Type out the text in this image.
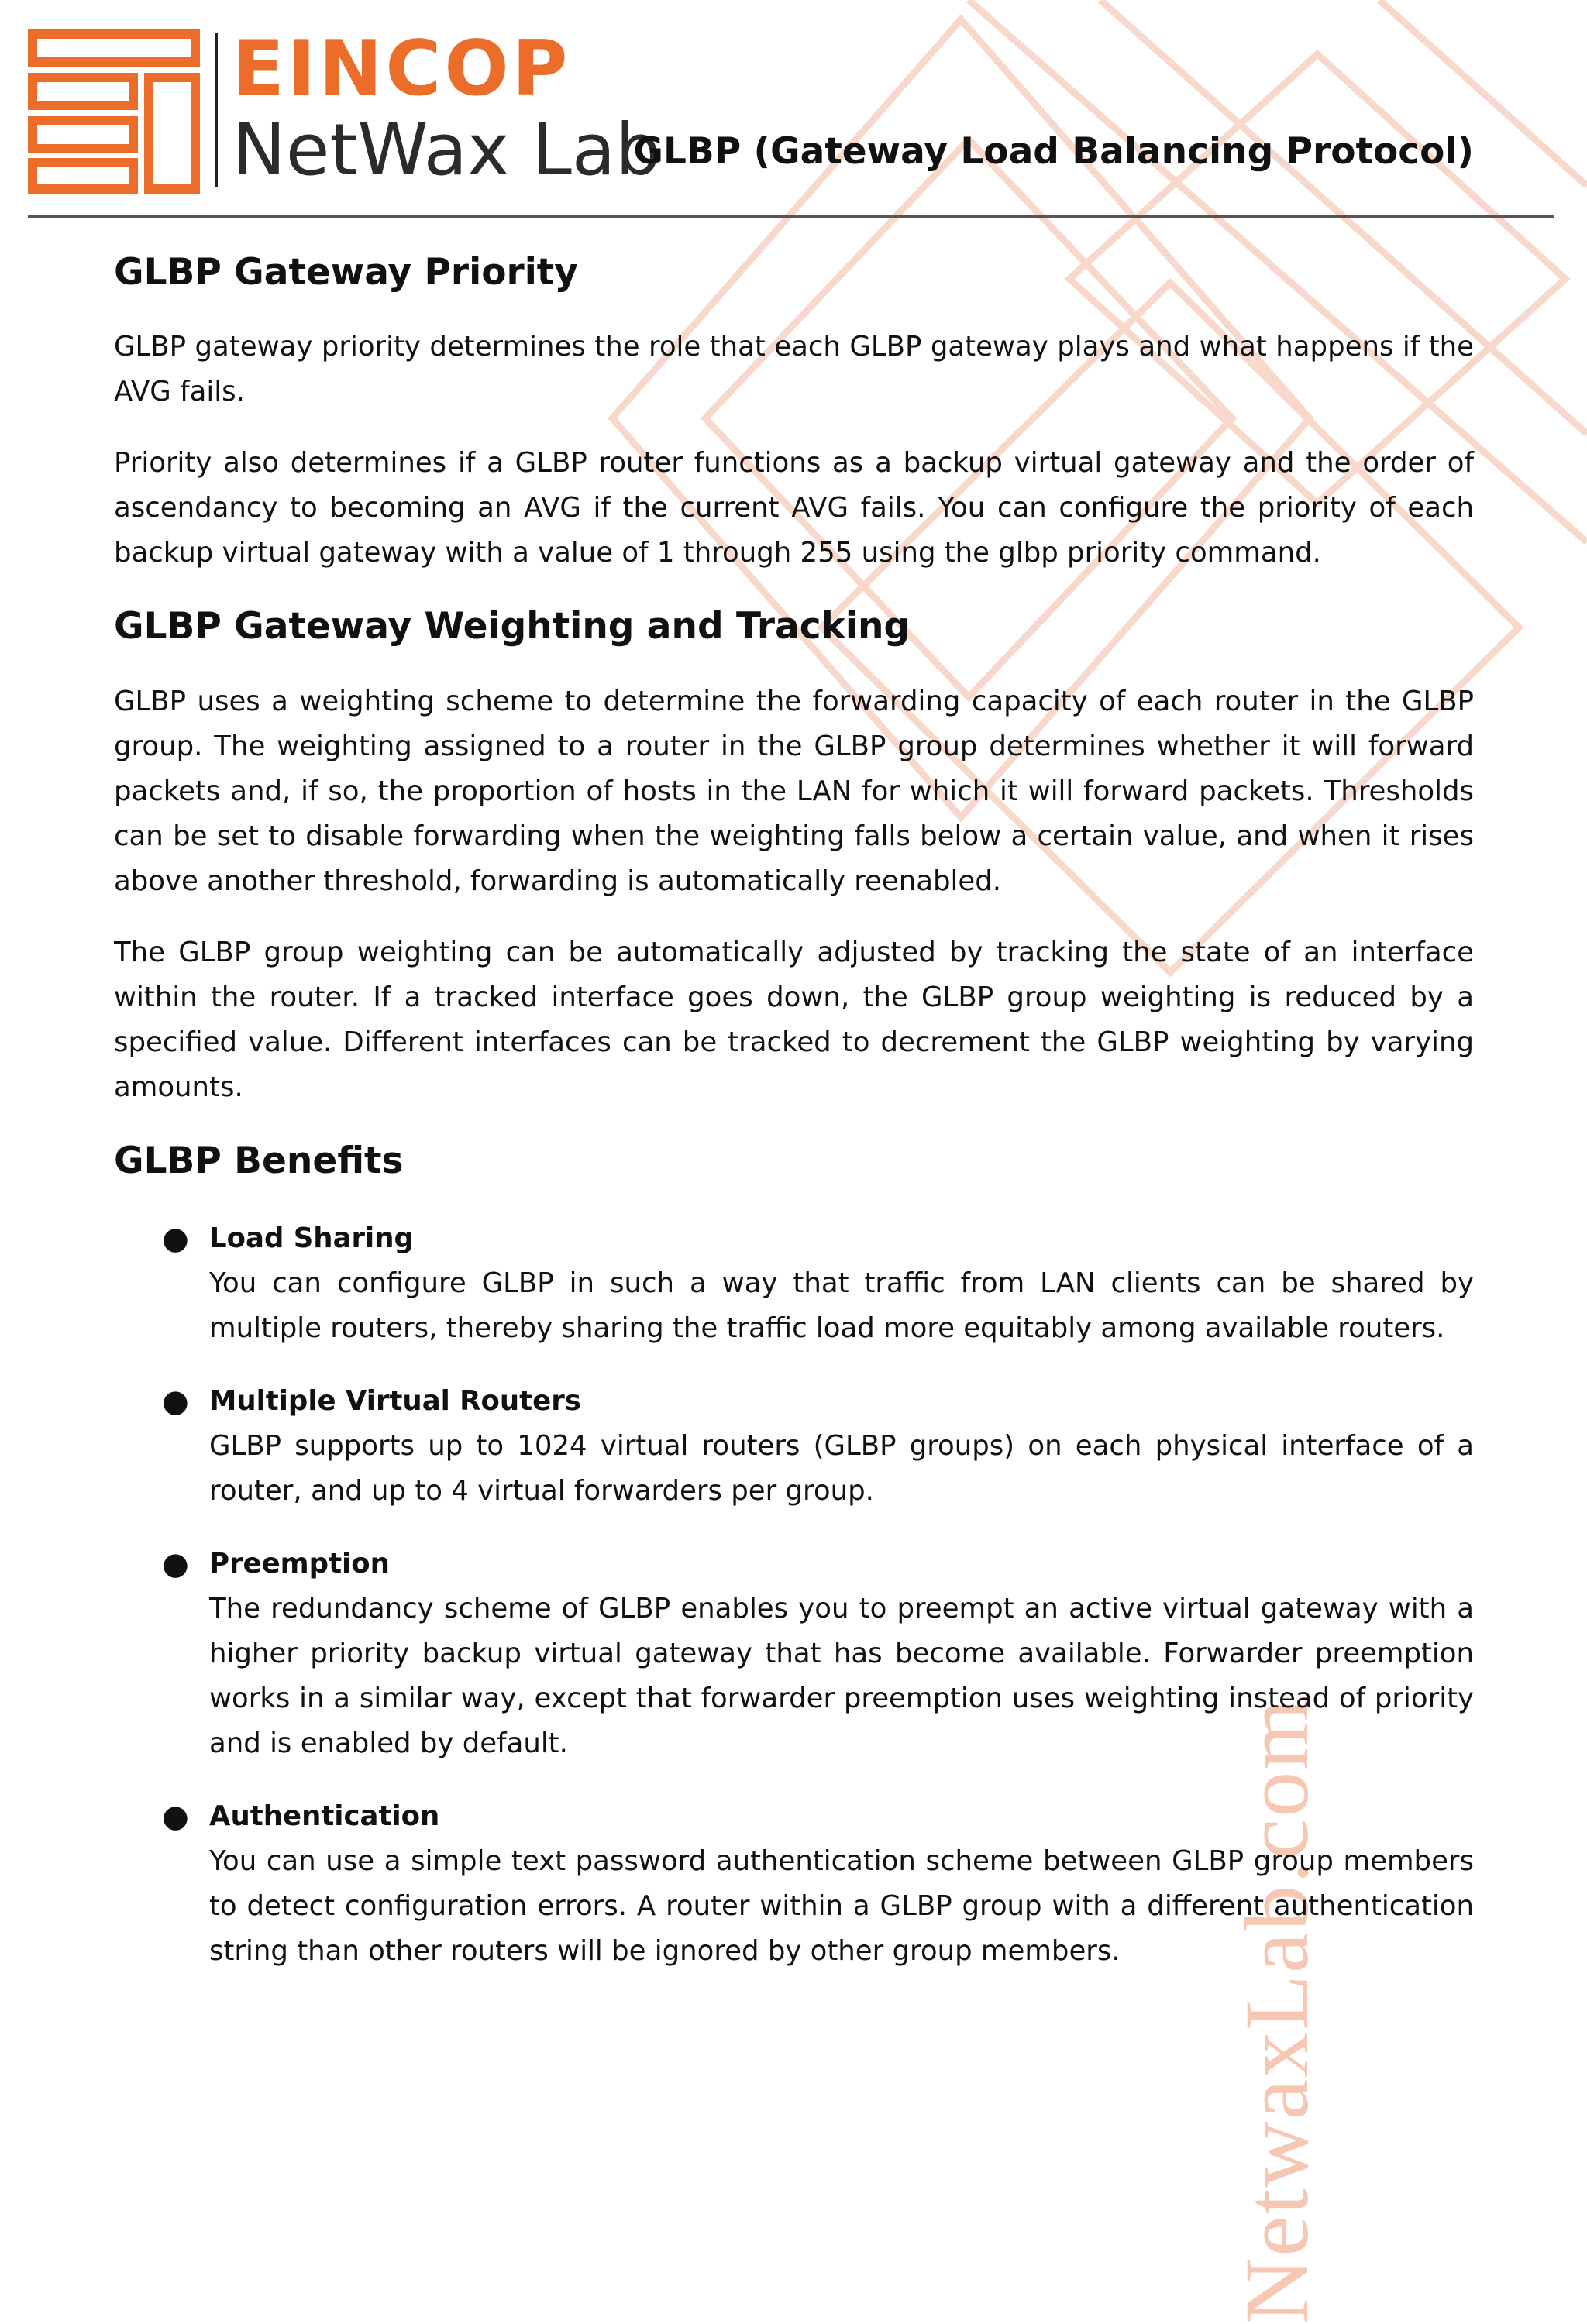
NetwaxLab.com
EINCOP
NetWax Lab
GLBP (Gateway Load Balancing Protocol)
GLBP Gateway Priority

GLBP gateway priority determines the role that each GLBP gateway plays and what happens if the AVG fails.

Priority also determines if a GLBP router functions as a backup virtual gateway and the order of ascendancy to becoming an AVG if the current AVG fails. You can configure the priority of each backup virtual gateway with a value of 1 through 255 using the glbp priority command.

GLBP Gateway Weighting and Tracking

GLBP uses a weighting scheme to determine the forwarding capacity of each router in the GLBP group. The weighting assigned to a router in the GLBP group determines whether it will forward packets and, if so, the proportion of hosts in the LAN for which it will forward packets. Thresholds can be set to disable forwarding when the weighting falls below a certain value, and when it rises above another threshold, forwarding is automatically reenabled.

The GLBP group weighting can be automatically adjusted by tracking the state of an interface within the router. If a tracked interface goes down, the GLBP group weighting is reduced by a specified value. Different interfaces can be tracked to decrement the GLBP weighting by varying amounts.

GLBP Benefits
● Load Sharing

You can configure GLBP in such a way that traffic from LAN clients can be shared by multiple routers, thereby sharing the traffic load more equitably among available routers.

● Multiple Virtual Routers

GLBP supports up to 1024 virtual routers (GLBP groups) on each physical interface of a router, and up to 4 virtual forwarders per group.

● Preemption

The redundancy scheme of GLBP enables you to preempt an active virtual gateway with a higher priority backup virtual gateway that has become available. Forwarder preemption works in a similar way, except that forwarder preemption uses weighting instead of priority and is enabled by default.

● Authentication

You can use a simple text password authentication scheme between GLBP group members to detect configuration errors. A router within a GLBP group with a different authentication string than other routers will be ignored by other group members.
